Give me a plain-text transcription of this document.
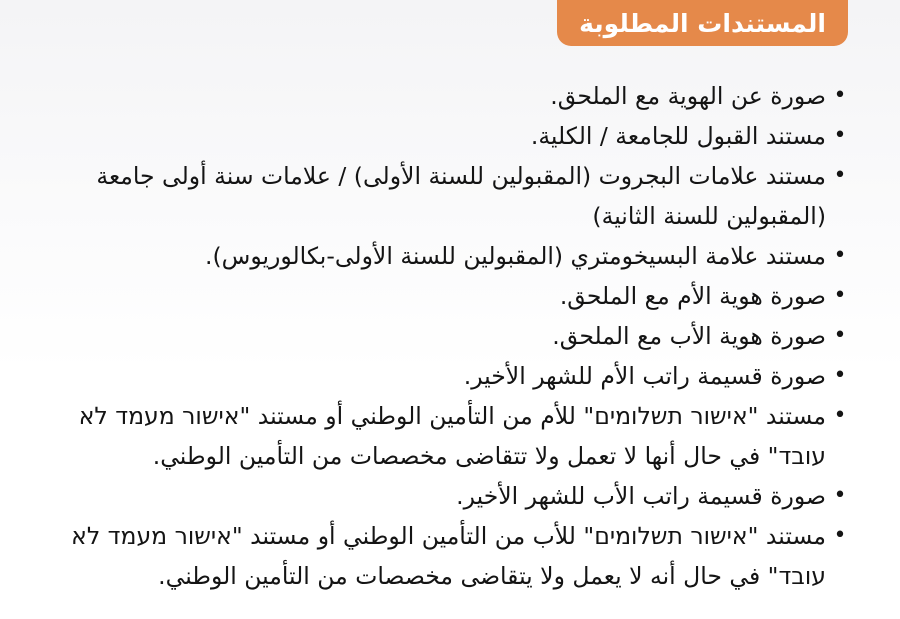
المستندات المطلوبة
•
صورة عن الهوية مع الملحق.
•
مستند القبول للجامعة / الكلية.
•
مستند علامات البجروت (المقبولين للسنة الأولى) / علامات سنة أولى جامعة (المقبولين للسنة الثانية)
•
مستند علامة البسيخومتري (المقبولين للسنة الأولى-بكالوريوس).
•
صورة هوية الأم مع الملحق.
•
صورة هوية الأب مع الملحق.
•
صورة قسيمة راتب الأم للشهر الأخير.
•
مستند "אישור תשלומים" للأم من التأمين الوطني أو مستند "אישור מעמד לא עובד" في حال أنها لا تعمل ولا تتقاضى مخصصات من التأمين الوطني.
•
صورة قسيمة راتب الأب للشهر الأخير.
•
مستند "אישור תשלומים" للأب من التأمين الوطني أو مستند "אישור מעמד לא עובד" في حال أنه لا يعمل ولا يتقاضى مخصصات من التأمين الوطني.
